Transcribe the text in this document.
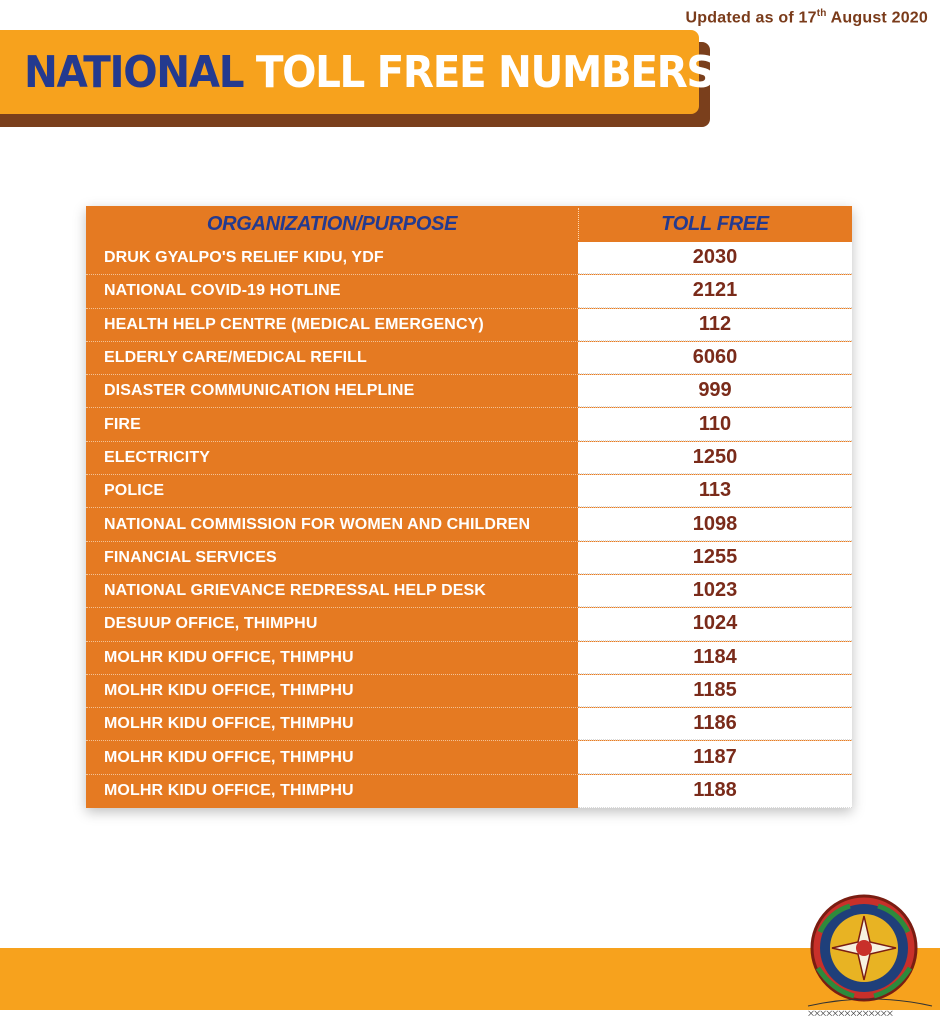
Updated as of 17th August 2020
NATIONAL TOLL FREE NUMBERS
ORGANIZATION/PURPOSE	TOLL FREE
DRUK GYALPO'S RELIEF KIDU, YDF	2030
NATIONAL COVID-19 HOTLINE	2121
HEALTH HELP CENTRE (MEDICAL EMERGENCY)	112
ELDERLY CARE/MEDICAL REFILL	6060
DISASTER COMMUNICATION HELPLINE	999
FIRE	110
ELECTRICITY	1250
POLICE	113
NATIONAL COMMISSION FOR WOMEN AND CHILDREN	1098
FINANCIAL SERVICES	1255
NATIONAL GRIEVANCE REDRESSAL HELP DESK	1023
DESUUP OFFICE, THIMPHU	1024
MOLHR KIDU OFFICE, THIMPHU	1184
MOLHR KIDU OFFICE, THIMPHU	1185
MOLHR KIDU OFFICE, THIMPHU	1186
MOLHR KIDU OFFICE, THIMPHU	1187
MOLHR KIDU OFFICE, THIMPHU	1188
྾྾྾྾྾྾྾྾྾྾྾྾྾྾
